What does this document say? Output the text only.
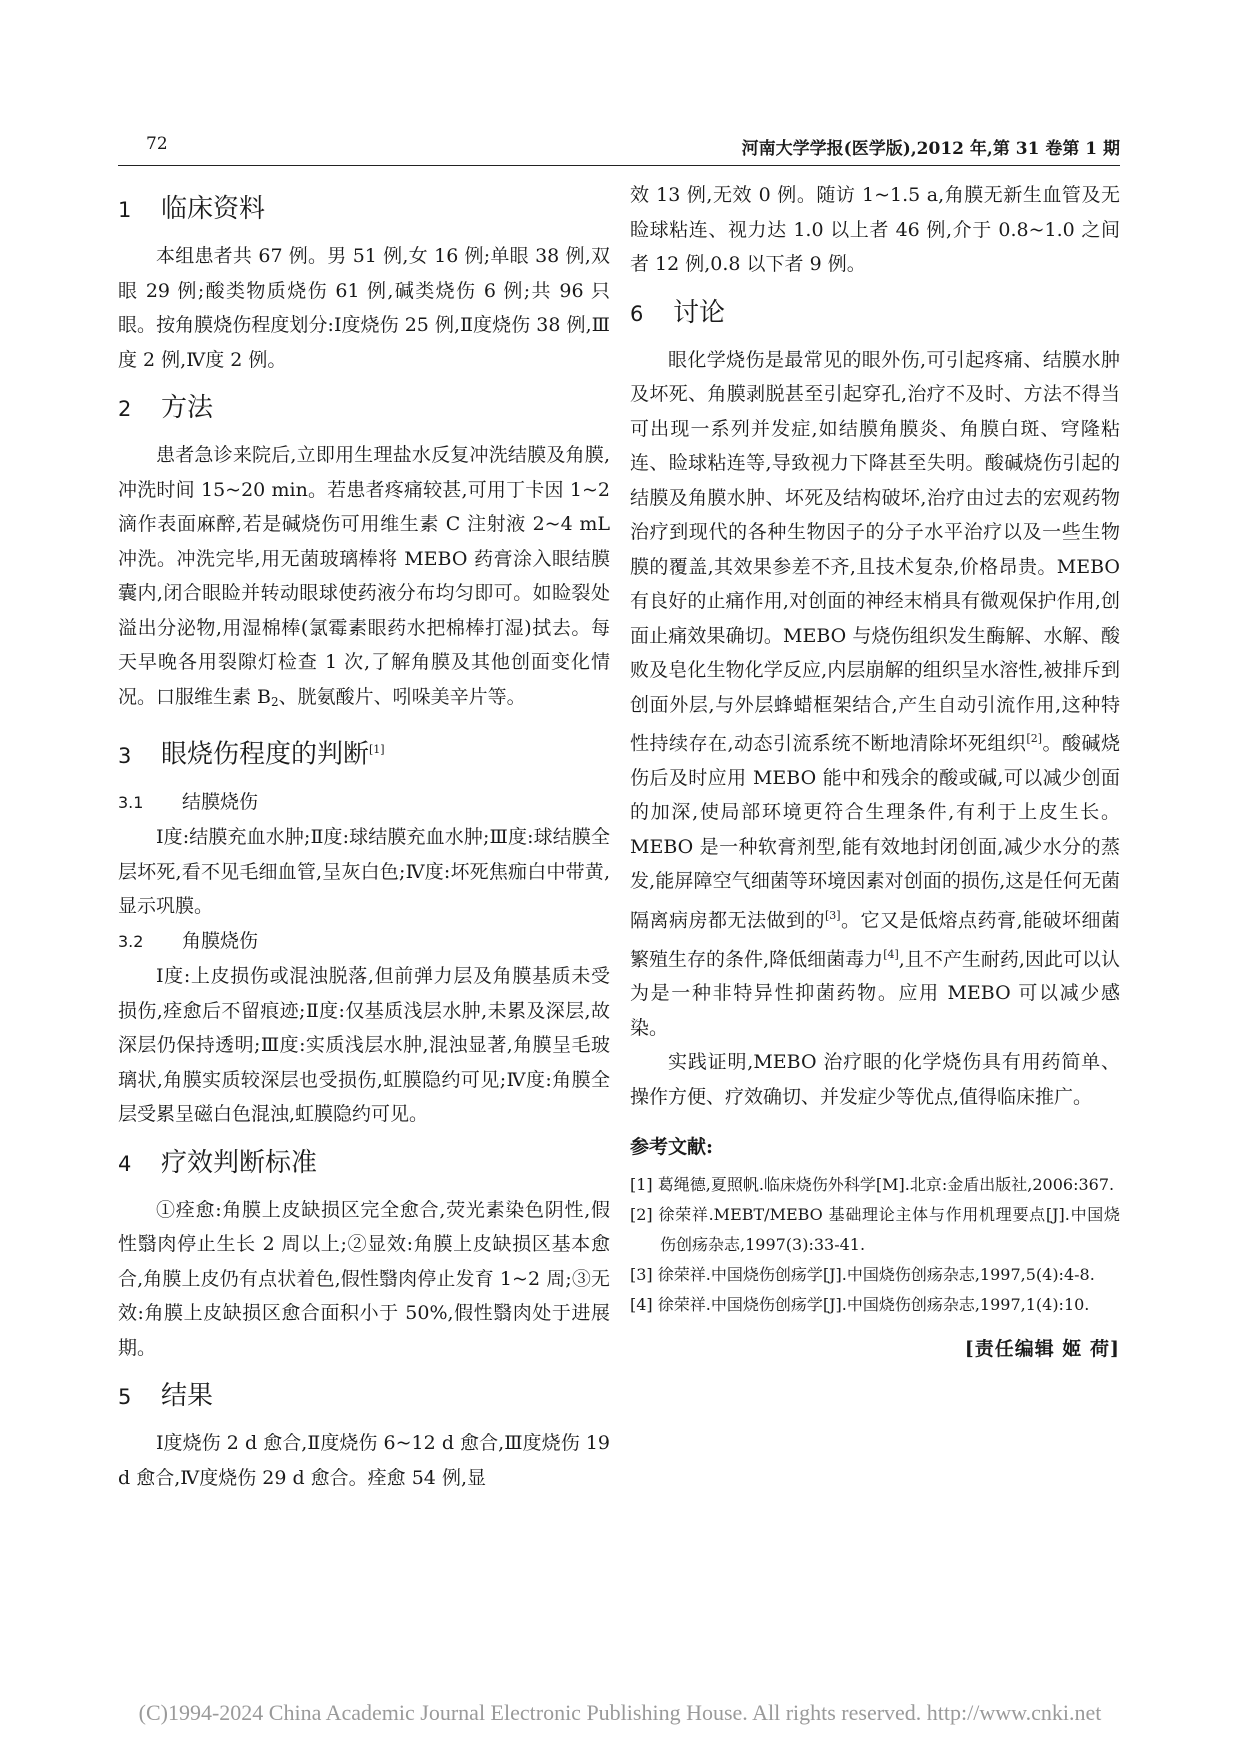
72	河南大学学报(医学版),2012 年,第 31 卷第 1 期
1 临床资料

本组患者共 67 例。男 51 例,女 16 例;单眼 38 例,双眼 29 例;酸类物质烧伤 61 例,碱类烧伤 6 例;共 96 只眼。按角膜烧伤程度划分:Ⅰ度烧伤 25 例,Ⅱ度烧伤 38 例,Ⅲ度 2 例,Ⅳ度 2 例。

2 方法

患者急诊来院后,立即用生理盐水反复冲洗结膜及角膜,冲洗时间 15~20 min。若患者疼痛较甚,可用丁卡因 1~2 滴作表面麻醉,若是碱烧伤可用维生素 C 注射液 2~4 mL 冲洗。冲洗完毕,用无菌玻璃棒将 MEBO 药膏涂入眼结膜囊内,闭合眼睑并转动眼球使药液分布均匀即可。如睑裂处溢出分泌物,用湿棉棒(氯霉素眼药水把棉棒打湿)拭去。每天早晚各用裂隙灯检查 1 次,了解角膜及其他创面变化情况。口服维生素 $B_2$、胱氨酸片、吲哚美辛片等。

3 眼烧伤程度的判断[1]
3.1 结膜烧伤

Ⅰ度:结膜充血水肿;Ⅱ度:球结膜充血水肿;Ⅲ度:球结膜全层坏死,看不见毛细血管,呈灰白色;Ⅳ度:坏死焦痂白中带黄,显示巩膜。

3.2 角膜烧伤

Ⅰ度:上皮损伤或混浊脱落,但前弹力层及角膜基质未受损伤,痊愈后不留痕迹;Ⅱ度:仅基质浅层水肿,未累及深层,故深层仍保持透明;Ⅲ度:实质浅层水肿,混浊显著,角膜呈毛玻璃状,角膜实质较深层也受损伤,虹膜隐约可见;Ⅳ度:角膜全层受累呈磁白色混浊,虹膜隐约可见。

4 疗效判断标准

①痊愈:角膜上皮缺损区完全愈合,荧光素染色阴性,假性翳肉停止生长 2 周以上;②显效:角膜上皮缺损区基本愈合,角膜上皮仍有点状着色,假性翳肉停止发育 1~2 周;③无效:角膜上皮缺损区愈合面积小于 50%,假性翳肉处于进展期。

5 结果

Ⅰ度烧伤 2 d 愈合,Ⅱ度烧伤 6~12 d 愈合,Ⅲ度烧伤 19 d 愈合,Ⅳ度烧伤 29 d 愈合。痊愈 54 例,显

效 13 例,无效 0 例。随访 1~1.5 a,角膜无新生血管及无睑球粘连、视力达 1.0 以上者 46 例,介于 0.8~1.0 之间者 12 例,0.8 以下者 9 例。

6 讨论

眼化学烧伤是最常见的眼外伤,可引起疼痛、结膜水肿及坏死、角膜剥脱甚至引起穿孔,治疗不及时、方法不得当可出现一系列并发症,如结膜角膜炎、角膜白斑、穹隆粘连、睑球粘连等,导致视力下降甚至失明。酸碱烧伤引起的结膜及角膜水肿、坏死及结构破坏,治疗由过去的宏观药物治疗到现代的各种生物因子的分子水平治疗以及一些生物膜的覆盖,其效果参差不齐,且技术复杂,价格昂贵。MEBO 有良好的止痛作用,对创面的神经末梢具有微观保护作用,创面止痛效果确切。MEBO 与烧伤组织发生酶解、水解、酸败及皂化生物化学反应,内层崩解的组织呈水溶性,被排斥到创面外层,与外层蜂蜡框架结合,产生自动引流作用,这种特性持续存在,动态引流系统不断地清除坏死组织[2]。酸碱烧伤后及时应用 MEBO 能中和残余的酸或碱,可以减少创面的加深,使局部环境更符合生理条件,有利于上皮生长。MEBO 是一种软膏剂型,能有效地封闭创面,减少水分的蒸发,能屏障空气细菌等环境因素对创面的损伤,这是任何无菌隔离病房都无法做到的[3]。它又是低熔点药膏,能破坏细菌繁殖生存的条件,降低细菌毒力[4],且不产生耐药,因此可以认为是一种非特异性抑菌药物。应用 MEBO 可以减少感染。

实践证明,MEBO 治疗眼的化学烧伤具有用药简单、操作方便、疗效确切、并发症少等优点,值得临床推广。

参考文献:
[1] 葛绳德,夏照帆.临床烧伤外科学[M].北京:金盾出版社,2006:367.
[2] 徐荣祥.MEBT/MEBO 基础理论主体与作用机理要点[J].中国烧伤创疡杂志,1997(3):33-41.
[3] 徐荣祥.中国烧伤创疡学[J].中国烧伤创疡杂志,1997,5(4):4-8.
[4] 徐荣祥.中国烧伤创疡学[J].中国烧伤创疡杂志,1997,1(4):10.
[责任编辑 姬 荷]
(C)1994-2024 China Academic Journal Electronic Publishing House. All rights reserved. http://www.cnki.net
